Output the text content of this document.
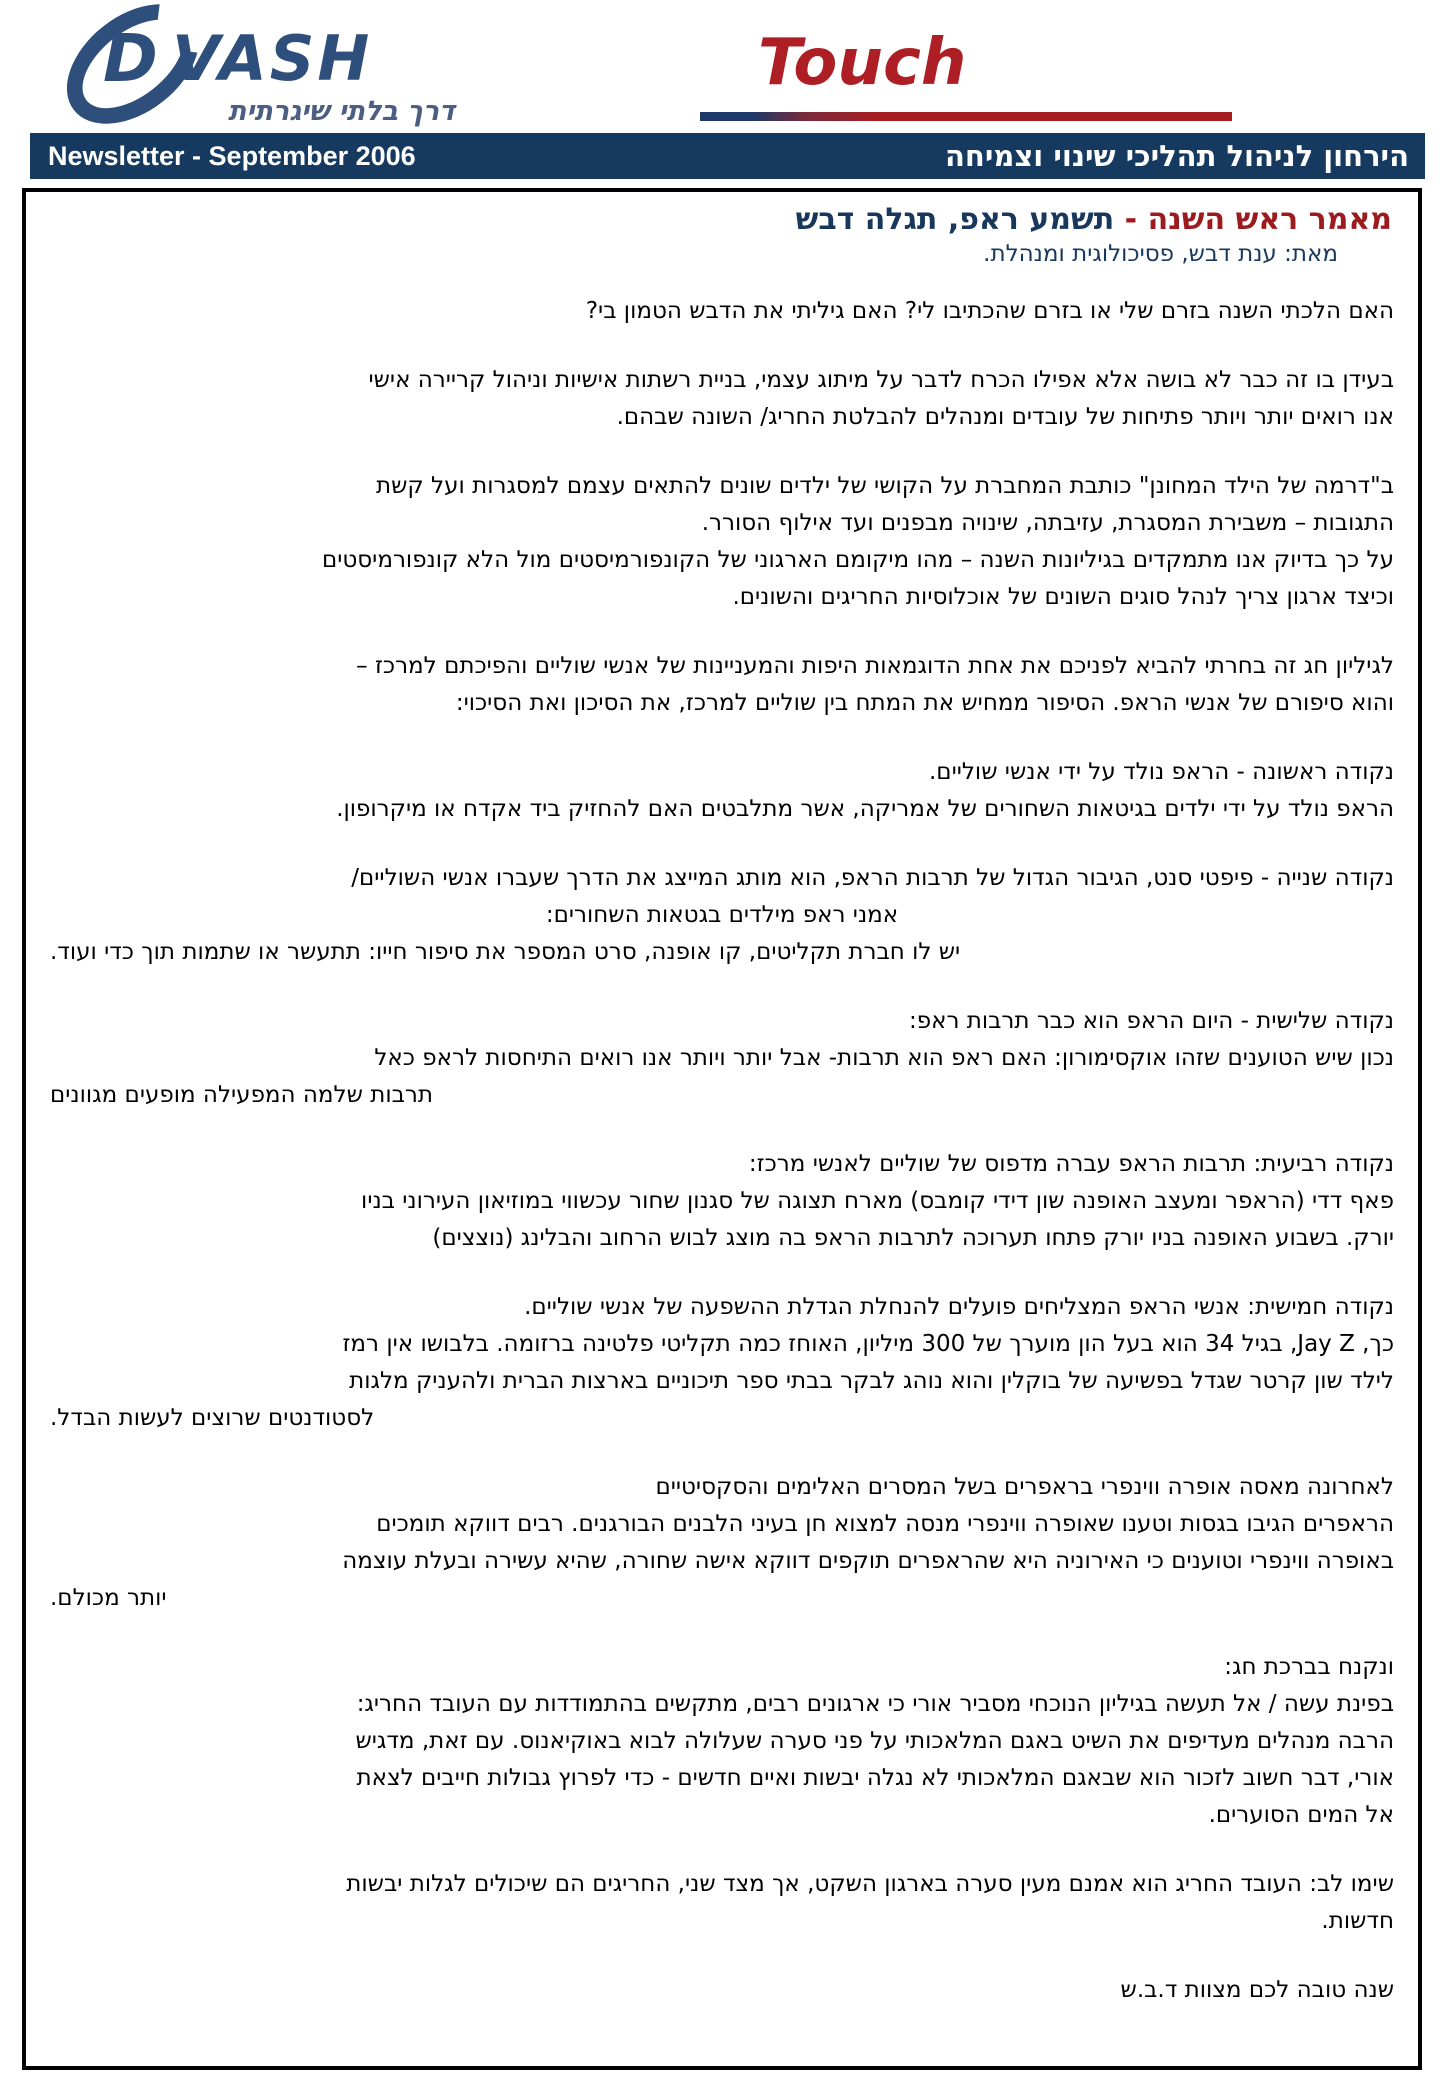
D VASH	Touch
דרך בלתי שיגרתית
Newsletter - September 2006	הירחון לניהול תהליכי שינוי וצמיחה
מאמר ראש השנה - תשמע ראפ, תגלה דבש
מאת: ענת דבש, פסיכולוגית ומנהלת.
האם הלכתי השנה בזרם שלי או בזרם שהכתיבו לי? האם גיליתי את הדבש הטמון בי?
בעידן בו זה כבר לא בושה אלא אפילו הכרח לדבר על מיתוג עצמי, בניית רשתות אישיות וניהול קריירה אישי
אנו רואים יותר ויותר פתיחות של עובדים ומנהלים להבלטת החריג/ השונה שבהם.
ב"דרמה של הילד המחונן" כותבת המחברת על הקושי של ילדים שונים להתאים עצמם למסגרות ועל קשת
התגובות – משבירת המסגרת, עזיבתה, שינויה מבפנים ועד אילוף הסורר.
על כך בדיוק אנו מתמקדים בגיליונות השנה – מהו מיקומם הארגוני של הקונפורמיסטים מול הלא קונפורמיסטים
וכיצד ארגון צריך לנהל סוגים השונים של אוכלוסיות החריגים והשונים.
לגיליון חג זה בחרתי להביא לפניכם את אחת הדוגמאות היפות והמעניינות של אנשי שוליים והפיכתם למרכז –
והוא סיפורם של אנשי הראפ. הסיפור ממחיש את המתח בין שוליים למרכז, את הסיכון ואת הסיכוי:
נקודה ראשונה - הראפ נולד על ידי אנשי שוליים.
הראפ נולד על ידי ילדים בגיטאות השחורים של אמריקה, אשר מתלבטים האם להחזיק ביד אקדח או מיקרופון.
נקודה שנייה - פיפטי סנט, הגיבור הגדול של תרבות הראפ, הוא מותג המייצג את הדרך שעברו אנשי השוליים/
אמני ראפ מילדים בגטאות השחורים:
יש לו חברת תקליטים, קו אופנה, סרט המספר את סיפור חייו: תתעשר או שתמות תוך כדי ועוד.
נקודה שלישית - היום הראפ הוא כבר תרבות ראפ:
נכון שיש הטוענים שזהו אוקסימורון: האם ראפ הוא תרבות- אבל יותר ויותר אנו רואים התיחסות לראפ כאל
תרבות שלמה המפעילה מופעים מגוונים
נקודה רביעית: תרבות הראפ עברה מדפוס של שוליים לאנשי מרכז:
פאף דדי (הראפר ומעצב האופנה שון דידי קומבס) מארח תצוגה של סגנון שחור עכשווי במוזיאון העירוני בניו
יורק. בשבוע האופנה בניו יורק פתחו תערוכה לתרבות הראפ בה מוצג לבוש הרחוב והבלינג (נוצצים)
נקודה חמישית: אנשי הראפ המצליחים פועלים להנחלת הגדלת ההשפעה של אנשי שוליים.
כך, Jay Z, בגיל 34 הוא בעל הון מוערך של 300 מיליון, האוחז כמה תקליטי פלטינה ברזומה. בלבושו אין רמז
לילד שון קרטר שגדל בפשיעה של בוקלין והוא נוהג לבקר בבתי ספר תיכוניים בארצות הברית ולהעניק מלגות
לסטודנטים שרוצים לעשות הבדל.
לאחרונה מאסה אופרה ווינפרי בראפרים בשל המסרים האלימים והסקסיטיים
הראפרים הגיבו בגסות וטענו שאופרה ווינפרי מנסה למצוא חן בעיני הלבנים הבורגנים. רבים דווקא תומכים
באופרה ווינפרי וטוענים כי האירוניה היא שהראפרים תוקפים דווקא אישה שחורה, שהיא עשירה ובעלת עוצמה
יותר מכולם.
ונקנח בברכת חג:
בפינת עשה / אל תעשה בגיליון הנוכחי מסביר אורי כי ארגונים רבים, מתקשים בהתמודדות עם העובד החריג:
הרבה מנהלים מעדיפים את השיט באגם המלאכותי על פני סערה שעלולה לבוא באוקיאנוס. עם זאת, מדגיש
אורי, דבר חשוב לזכור הוא שבאגם המלאכותי לא נגלה יבשות ואיים חדשים - כדי לפרוץ גבולות חייבים לצאת
אל המים הסוערים.
שימו לב: העובד החריג הוא אמנם מעין סערה בארגון השקט, אך מצד שני, החריגים הם שיכולים לגלות יבשות
חדשות.
שנה טובה לכם מצוות ד.ב.ש
